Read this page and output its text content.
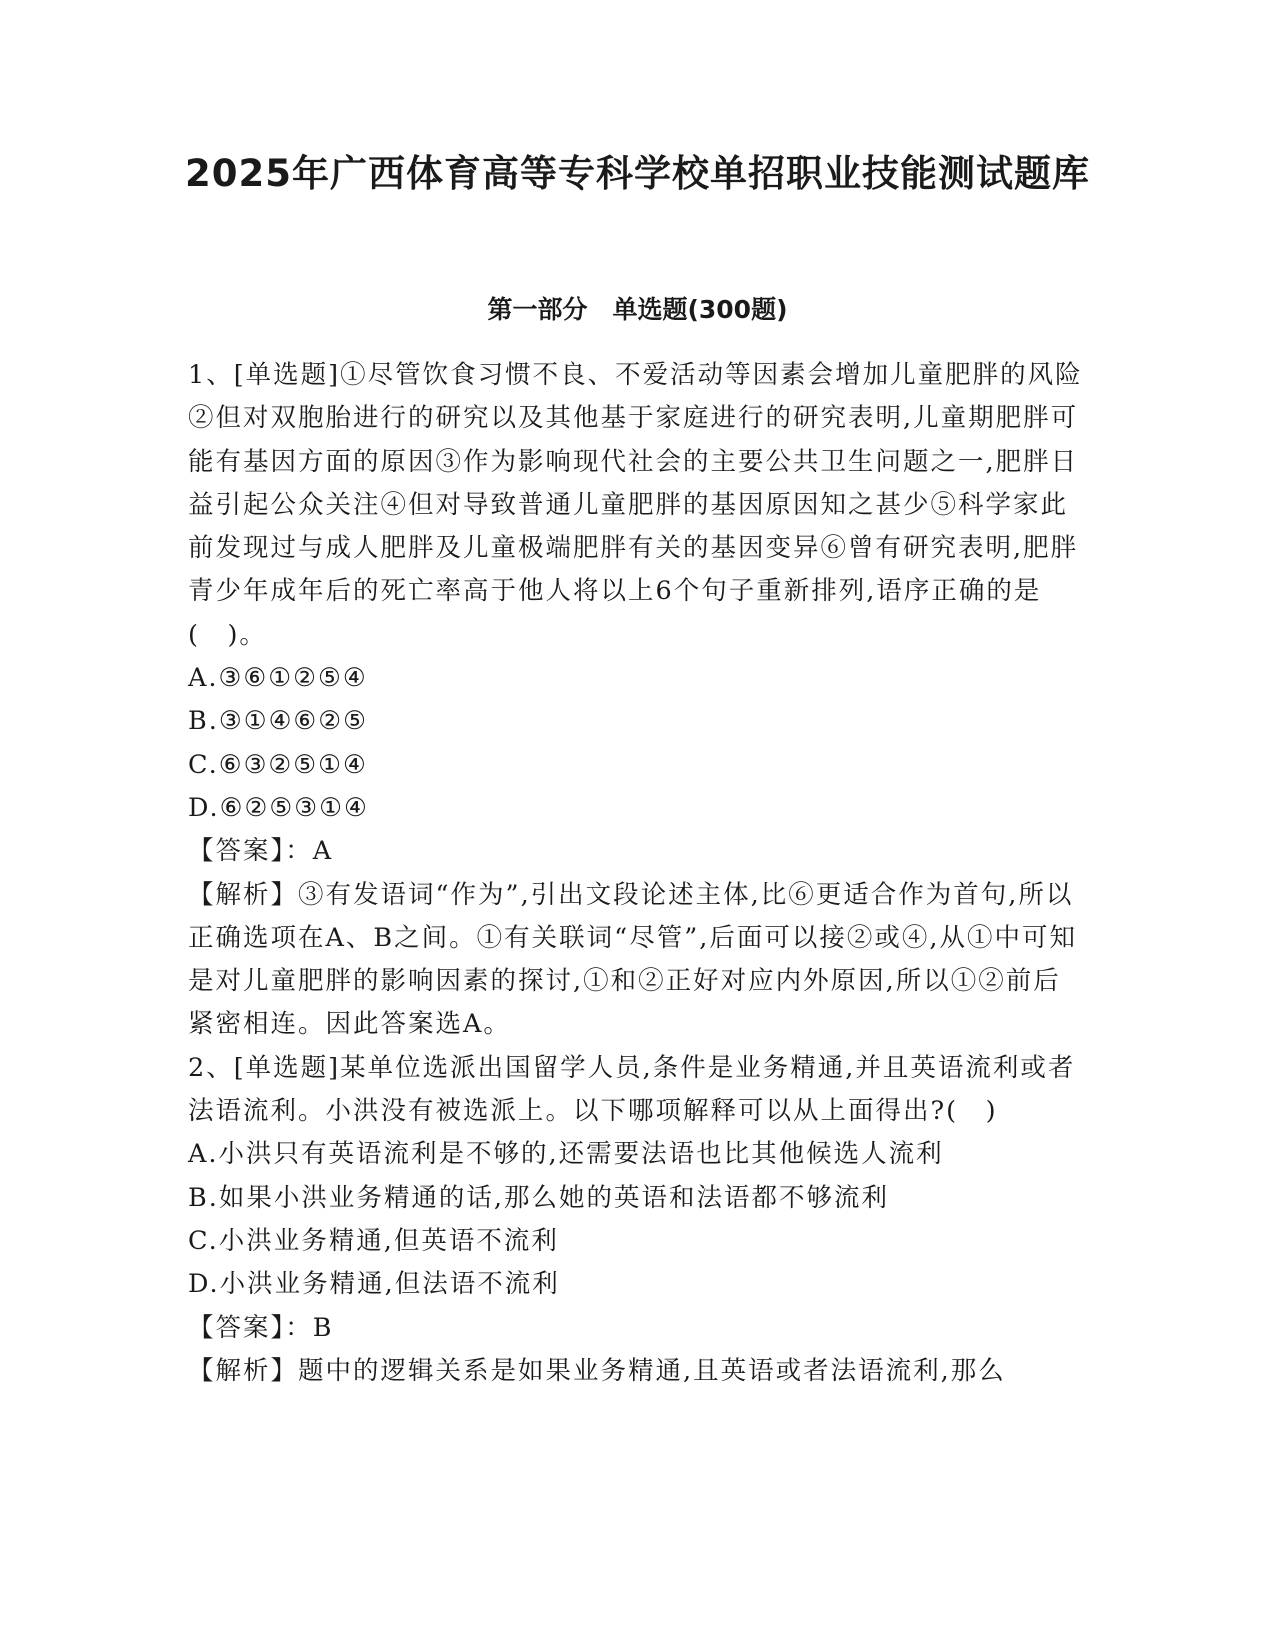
2025年广西体育高等专科学校单招职业技能测试题库
第一部分　单选题(300题)

1、[单选题]①尽管饮食习惯不良、不爱活动等因素会增加儿童肥胖的风险②但对双胞胎进行的研究以及其他基于家庭进行的研究表明,儿童期肥胖可能有基因方面的原因③作为影响现代社会的主要公共卫生问题之一,肥胖日益引起公众关注④但对导致普通儿童肥胖的基因原因知之甚少⑤科学家此前发现过与成人肥胖及儿童极端肥胖有关的基因变异⑥曾有研究表明,肥胖青少年成年后的死亡率高于他人将以上6个句子重新排列,语序正确的是(　)。

A.③⑥①②⑤④
B.③①④⑥②⑤
C.⑥③②⑤①④
D.⑥②⑤③①④
【答案】：A

【解析】③有发语词“作为”,引出文段论述主体,比⑥更适合作为首句,所以正确选项在A、B之间。①有关联词“尽管”,后面可以接②或④,从①中可知是对儿童肥胖的影响因素的探讨,①和②正好对应内外原因,所以①②前后紧密相连。因此答案选A。

2、[单选题]某单位选派出国留学人员,条件是业务精通,并且英语流利或者法语流利。小洪没有被选派上。以下哪项解释可以从上面得出?(　)

A.小洪只有英语流利是不够的,还需要法语也比其他候选人流利
B.如果小洪业务精通的话,那么她的英语和法语都不够流利
C.小洪业务精通,但英语不流利
D.小洪业务精通,但法语不流利
【答案】：B

【解析】题中的逻辑关系是如果业务精通,且英语或者法语流利,那么
